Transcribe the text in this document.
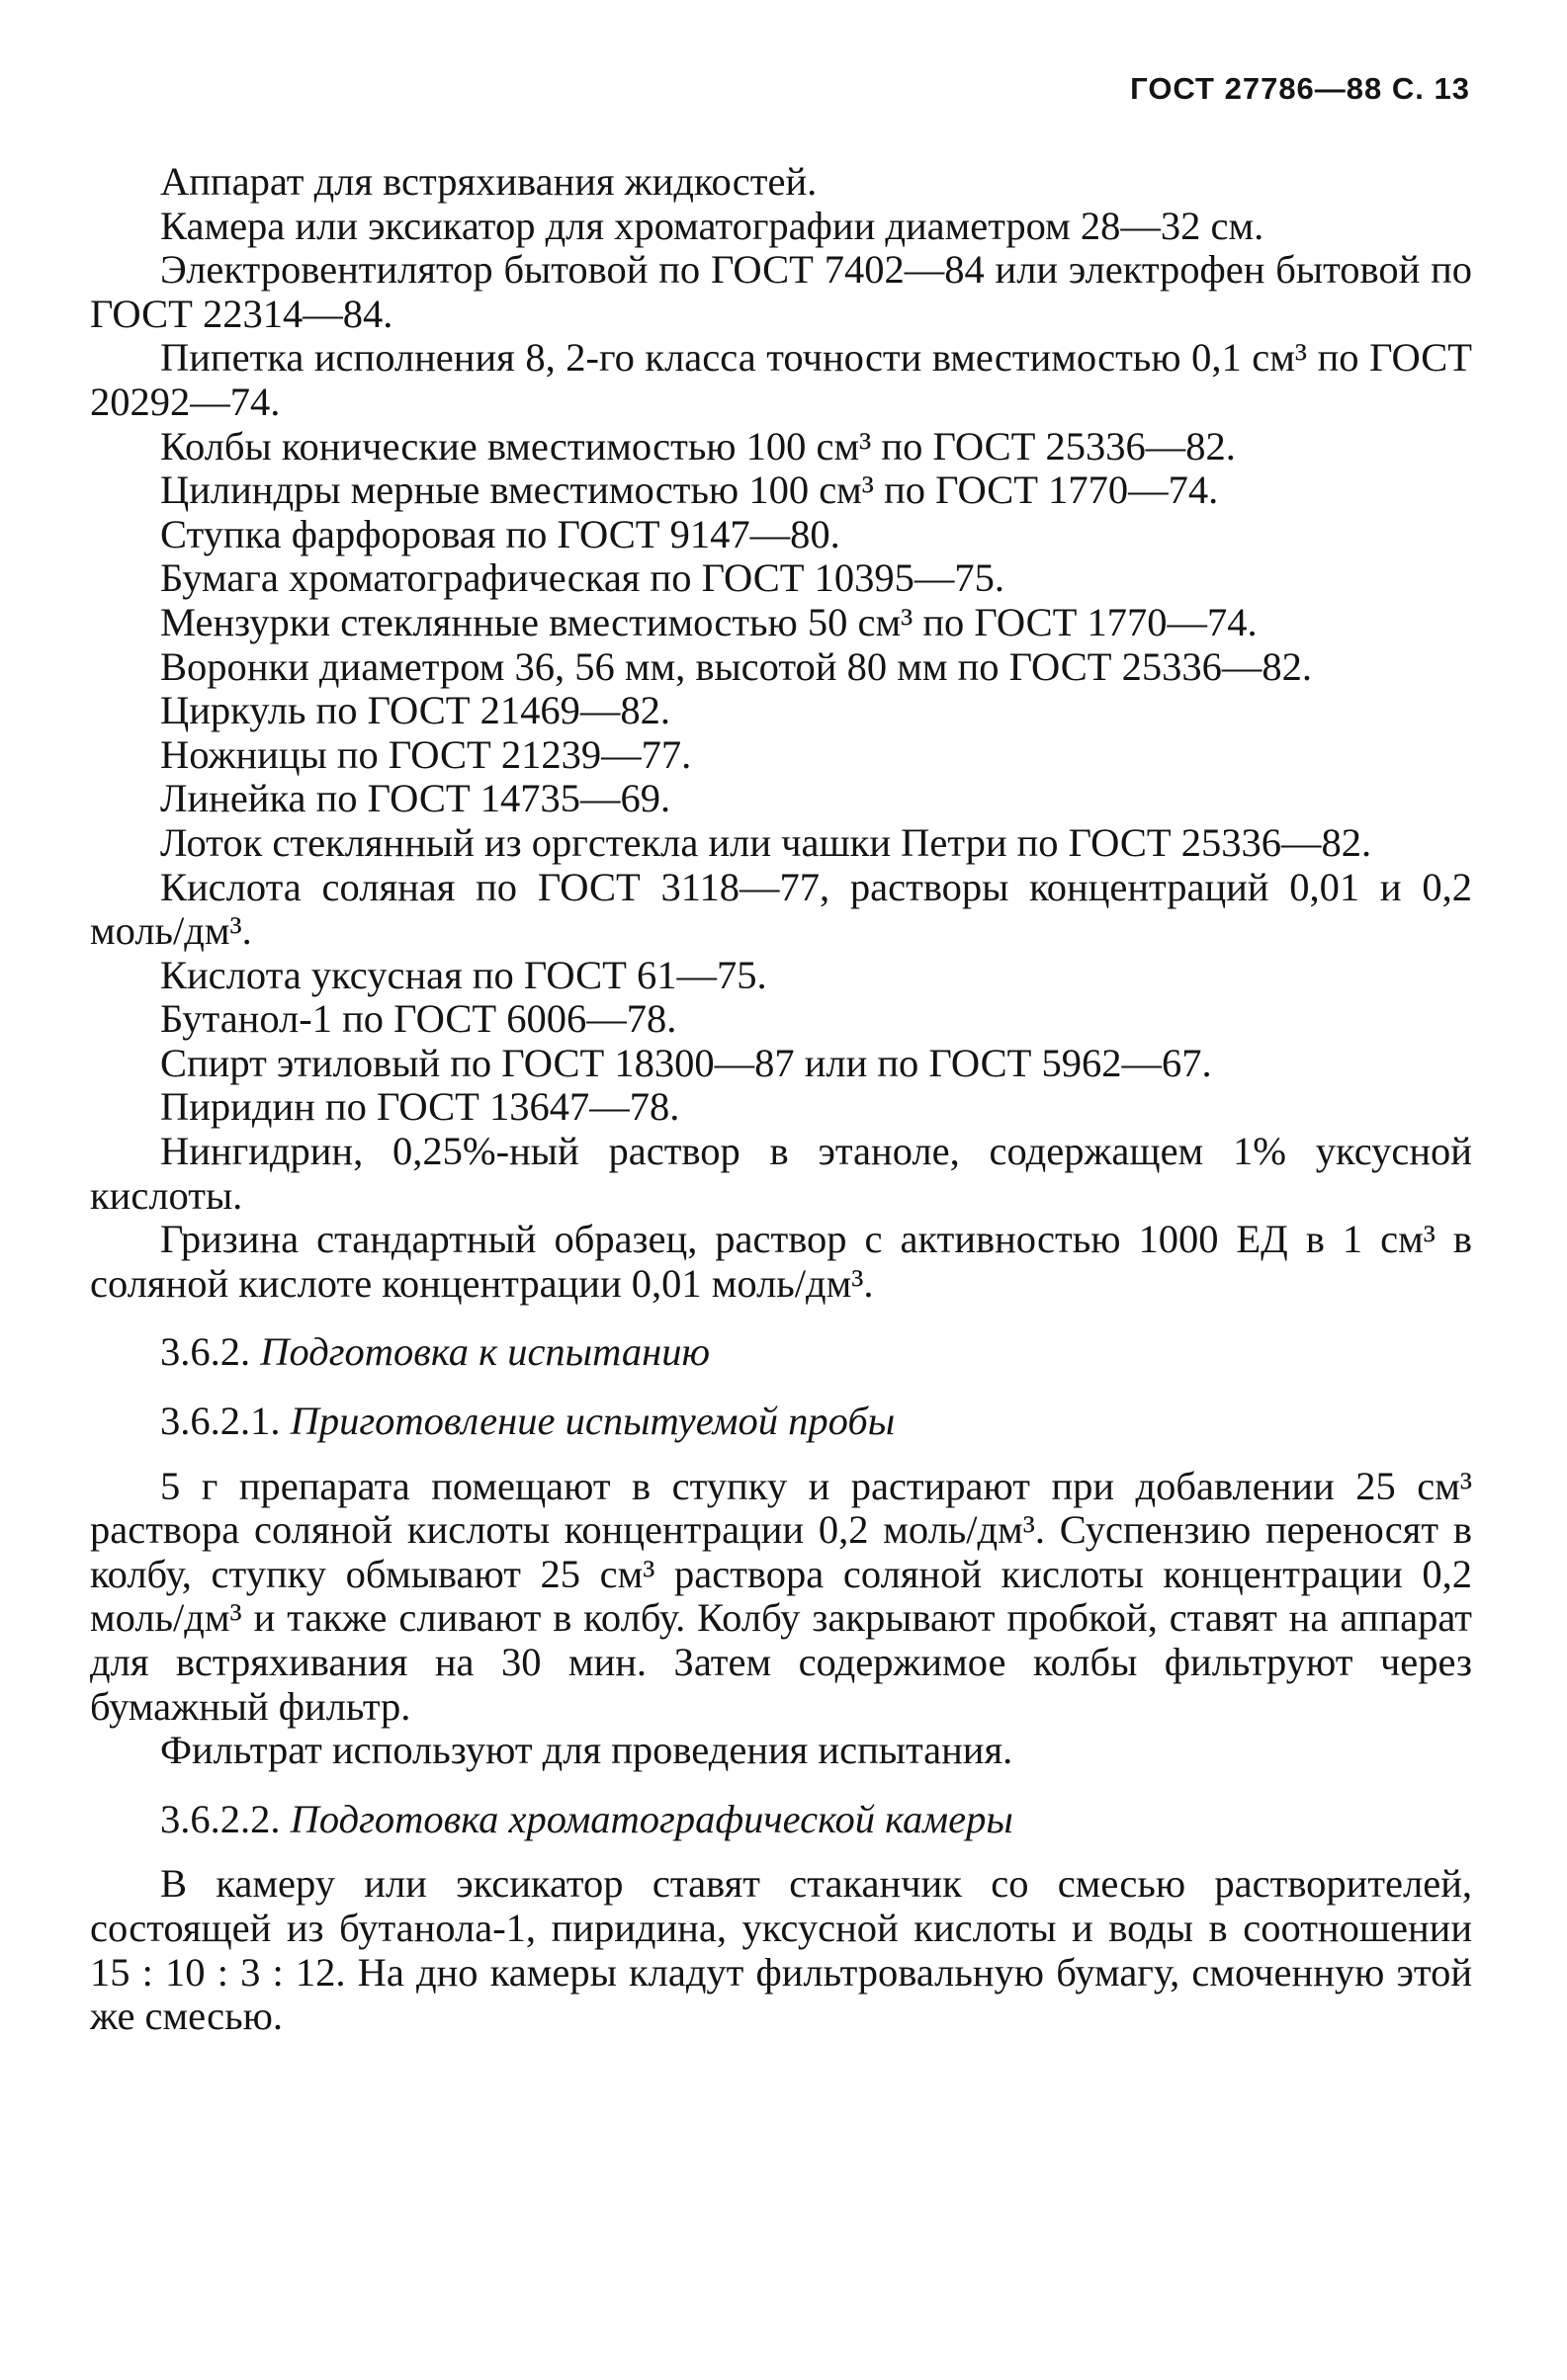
ГОСТ 27786—88 С. 13

Аппарат для встряхивания жидкостей.

Камера или эксикатор для хроматографии диаметром 28—32 см.

Электровентилятор бытовой по ГОСТ 7402—84 или электрофен бытовой по ГОСТ 22314—84.

Пипетка исполнения 8, 2-го класса точности вместимостью 0,1 см³ по ГОСТ 20292—74.

Колбы конические вместимостью 100 см³ по ГОСТ 25336—82.

Цилиндры мерные вместимостью 100 см³ по ГОСТ 1770—74.

Ступка фарфоровая по ГОСТ 9147—80.

Бумага хроматографическая по ГОСТ 10395—75.

Мензурки стеклянные вместимостью 50 см³ по ГОСТ 1770—74.

Воронки диаметром 36, 56 мм, высотой 80 мм по ГОСТ 25336—82.

Циркуль по ГОСТ 21469—82.

Ножницы по ГОСТ 21239—77.

Линейка по ГОСТ 14735—69.

Лоток стеклянный из оргстекла или чашки Петри по ГОСТ 25336—82.

Кислота соляная по ГОСТ 3118—77, растворы концентраций 0,01 и 0,2 моль/дм³.

Кислота уксусная по ГОСТ 61—75.

Бутанол-1 по ГОСТ 6006—78.

Спирт этиловый по ГОСТ 18300—87 или по ГОСТ 5962—67.

Пиридин по ГОСТ 13647—78.

Нингидрин, 0,25%-ный раствор в этаноле, содержащем 1% уксусной кислоты.

Гризина стандартный образец, раствор с активностью 1000 ЕД в 1 см³ в соляной кислоте концентрации 0,01 моль/дм³.

3.6.2. Подготовка к испытанию

3.6.2.1. Приготовление испытуемой пробы

5 г препарата помещают в ступку и растирают при добавлении 25 см³ раствора соляной кислоты концентрации 0,2 моль/дм³. Суспензию переносят в колбу, ступку обмывают 25 см³ раствора соляной кислоты концентрации 0,2 моль/дм³ и также сливают в колбу. Колбу закрывают пробкой, ставят на аппарат для встряхивания на 30 мин. Затем содержимое колбы фильтруют через бумажный фильтр.

Фильтрат используют для проведения испытания.

3.6.2.2. Подготовка хроматографической камеры

В камеру или эксикатор ставят стаканчик со смесью растворителей, состоящей из бутанола-1, пиридина, уксусной кислоты и воды в соотношении 15 : 10 : 3 : 12. На дно камеры кладут фильтровальную бумагу, смоченную этой же смесью.
